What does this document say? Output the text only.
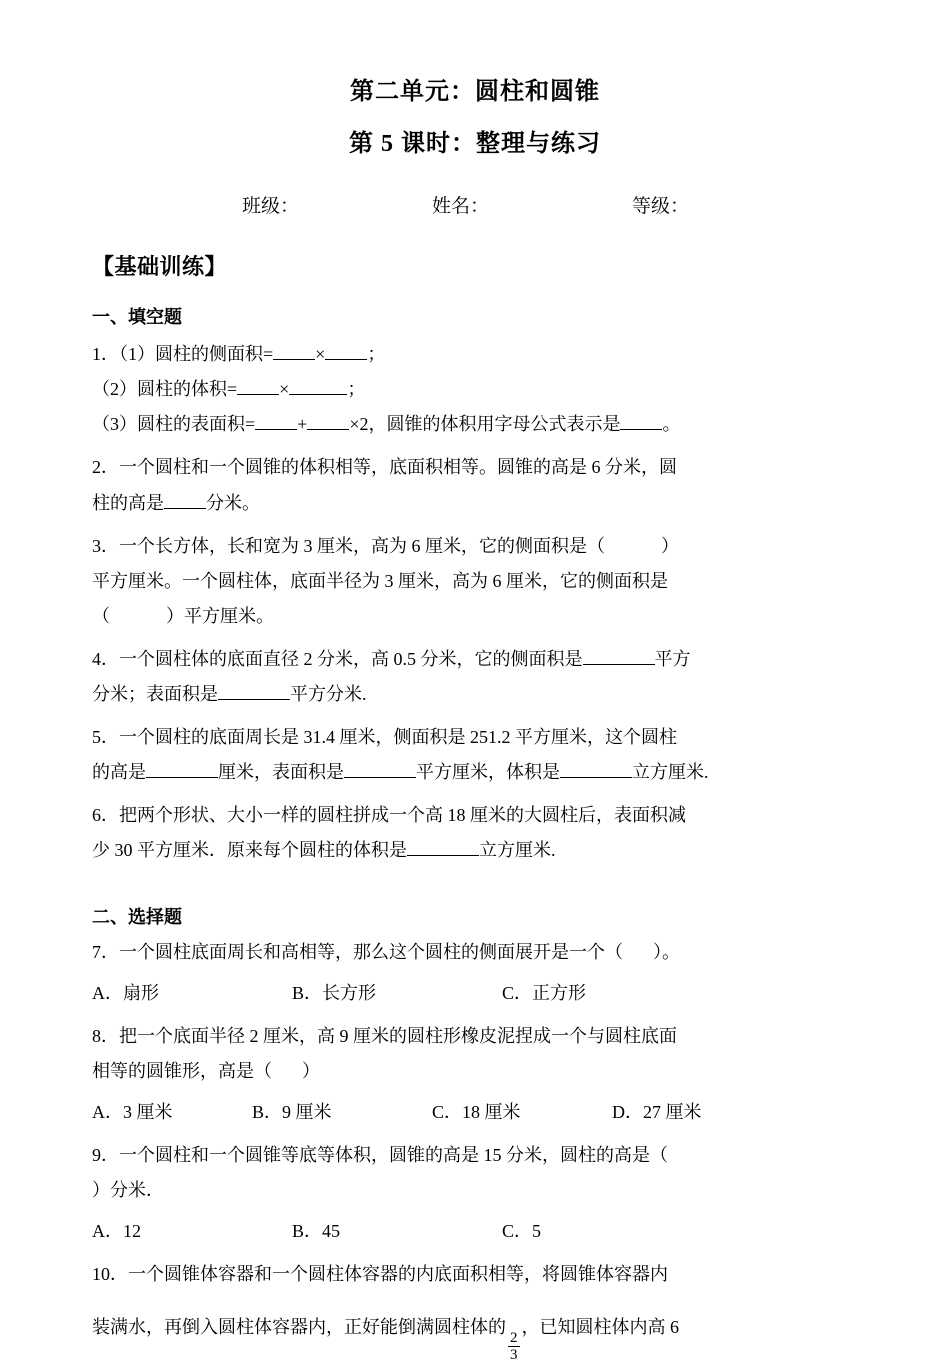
第二单元：圆柱和圆锥
第 5 课时：整理与练习
班级：	姓名：	等级：
【基础训练】
一、填空题
1．（1）圆柱的侧面积= × ；
（2）圆柱的体积= ×	；
（3）圆柱的表面积= + ×2，圆锥的体积用字母公式表示是 。
2．一个圆柱和一个圆锥的体积相等，底面积相等。圆锥的高是 6 分米，圆
柱的高是 分米。
3．一个长方体，长和宽为 3 厘米，高为 6 厘米，它的侧面积是（	）
平方厘米。一个圆柱体，底面半径为 3 厘米，高为 6 厘米，它的侧面积是
（	）平方厘米。
4．一个圆柱体的底面直径 2 分米，高 0.5 分米，它的侧面积是	平方
分米；表面积是	平方分米.
5．一个圆柱的底面周长是 31.4 厘米，侧面积是 251.2 平方厘米，这个圆柱
的高是	厘米，表面积是	平方厘米，体积是	立方厘米.
6．把两个形状、大小一样的圆柱拼成一个高 18 厘米的大圆柱后，表面积减
少 30 平方厘米．原来每个圆柱的体积是	立方厘米.
二、选择题
7．一个圆柱底面周长和高相等，那么这个圆柱的侧面展开是一个（ ）。
A．扇形	B．长方形	C．正方形
8．把一个底面半径 2 厘米，高 9 厘米的圆柱形橡皮泥捏成一个与圆柱底面
相等的圆锥形，高是（ ）
A．3 厘米	B．9 厘米	C．18 厘米	D．27 厘米
9．一个圆柱和一个圆锥等底等体积，圆锥的高是 15 分米，圆柱的高是（
）分米．
A．12	B．45	C．5
10．一个圆锥体容器和一个圆柱体容器的内底面积相等，将圆锥体容器内
装满水，再倒入圆柱体容器内，正好能倒满圆柱体的
$\frac{2}{3}$
，已知圆柱体内高 6
